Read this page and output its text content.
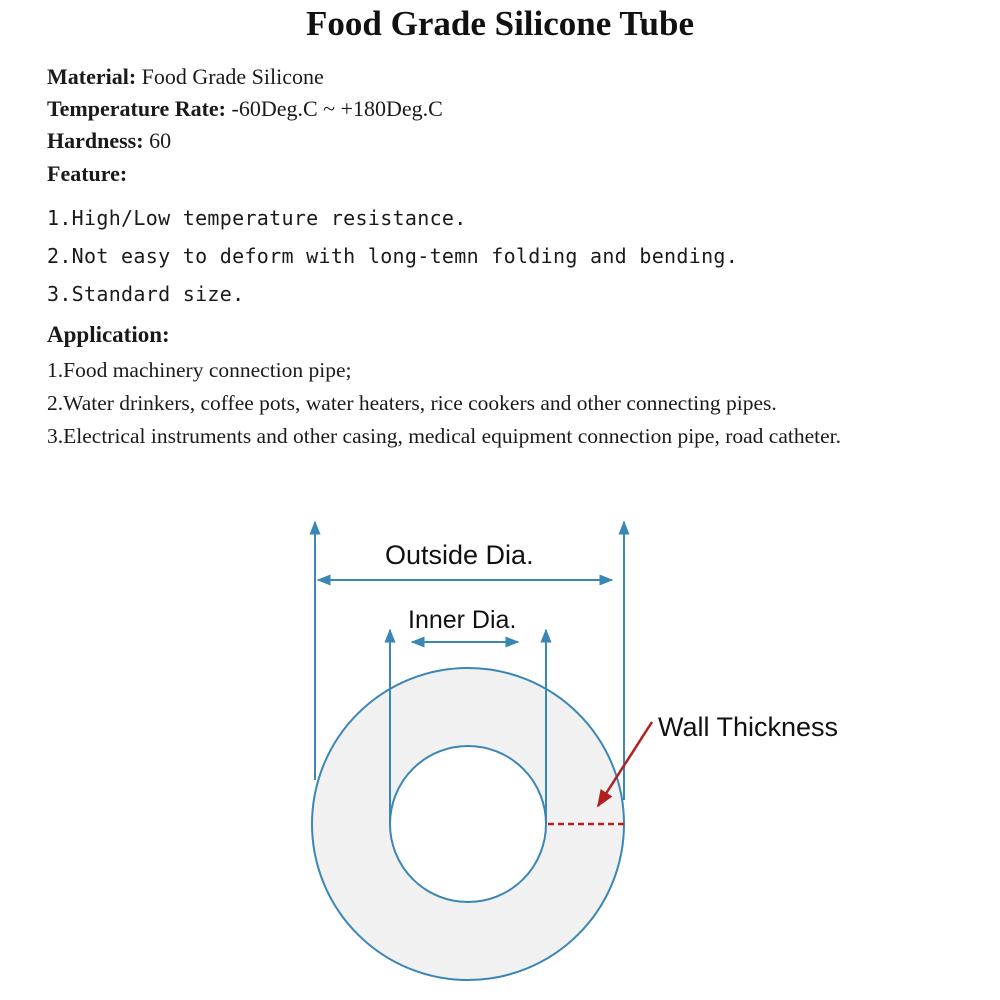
Food Grade Silicone Tube
Material: Food Grade Silicone
Temperature Rate: -60Deg.C ~ +180Deg.C
Hardness: 60
Feature:
1.High/Low temperature resistance.
2.Not easy to deform with long-temn folding and bending.
3.Standard size.
Application:
1.Food machinery connection pipe;
2.Water drinkers, coffee pots, water heaters, rice cookers and other connecting pipes.
3.Electrical instruments and other casing, medical equipment connection pipe, road catheter.
Outside Dia.
Inner Dia.
Wall Thickness
